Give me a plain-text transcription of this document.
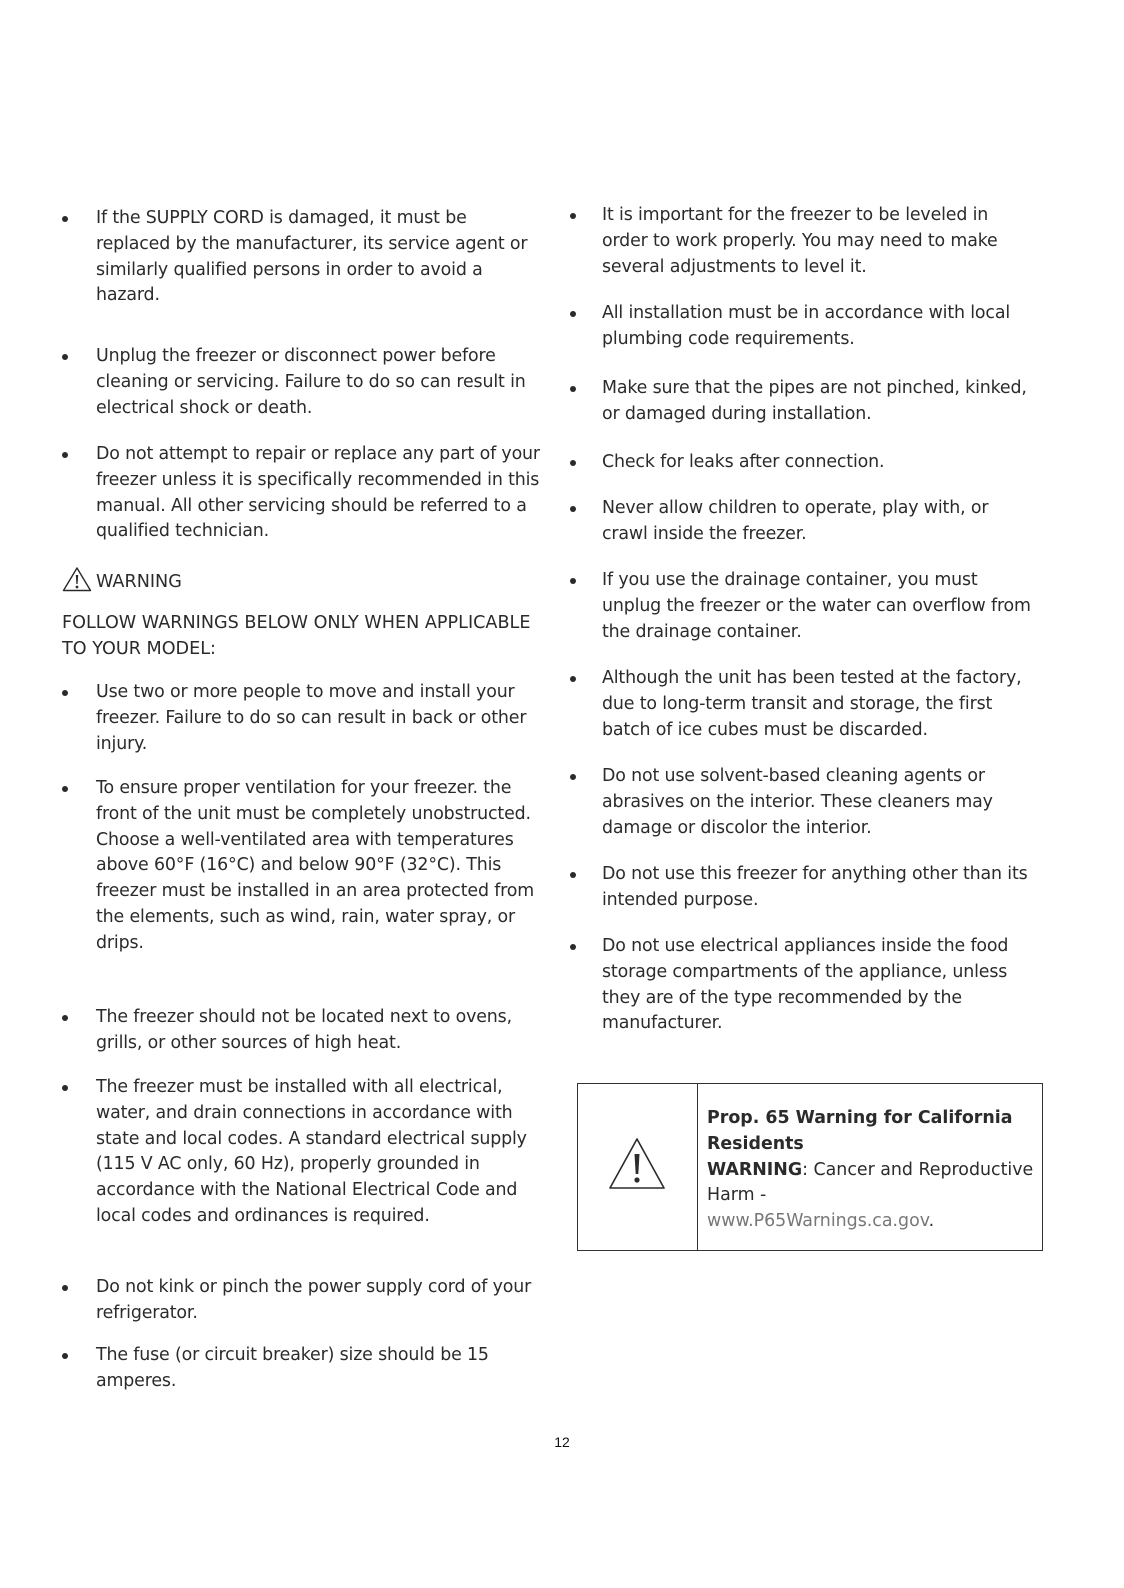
If the SUPPLY CORD is damaged, it must be replaced by the manufacturer, its service agent or similarly qualified persons in order to avoid a hazard.
Unplug the freezer or disconnect power before cleaning or servicing. Failure to do so can result in electrical shock or death.
Do not attempt to repair or replace any part of your freezer unless it is specifically recommended in this manual. All other servicing should be referred to a qualified technician.
WARNING
FOLLOW WARNINGS BELOW ONLY WHEN APPLICABLE TO YOUR MODEL:
Use two or more people to move and install your freezer. Failure to do so can result in back or other injury.
To ensure proper ventilation for your freezer. the front of the unit must be completely unobstructed. Choose a well-ventilated area with temperatures above 60°F (16°C) and below 90°F (32°C). This freezer must be installed in an area protected from the elements, such as wind, rain, water spray, or drips.
The freezer should not be located next to ovens, grills, or other sources of high heat.
The freezer must be installed with all electrical, water, and drain connections in accordance with state and local codes. A standard electrical supply (115 V AC only, 60 Hz), properly grounded in accordance with the National Electrical Code and local codes and ordinances is required.
Do not kink or pinch the power supply cord of your refrigerator.
The fuse (or circuit breaker) size should be 15 amperes.
It is important for the freezer to be leveled in order to work properly. You may need to make several adjustments to level it.
All installation must be in accordance with local plumbing code requirements.
Make sure that the pipes are not pinched, kinked, or damaged during installation.
Check for leaks after connection.
Never allow children to operate, play with, or crawl inside the freezer.
If you use the drainage container, you must unplug the freezer or the water can overflow from the drainage container.
Although the unit has been tested at the factory, due to long-term transit and storage, the first batch of ice cubes must be discarded.
Do not use solvent-based cleaning agents or abrasives on the interior. These cleaners may damage or discolor the interior.
Do not use this freezer for anything other than its intended purpose.
Do not use electrical appliances inside the food storage compartments of the appliance, unless they are of the type recommended by the manufacturer.
Prop. 65 Warning for California Residents
WARNING: Cancer and Reproductive Harm -
www.P65Warnings.ca.gov.
12
